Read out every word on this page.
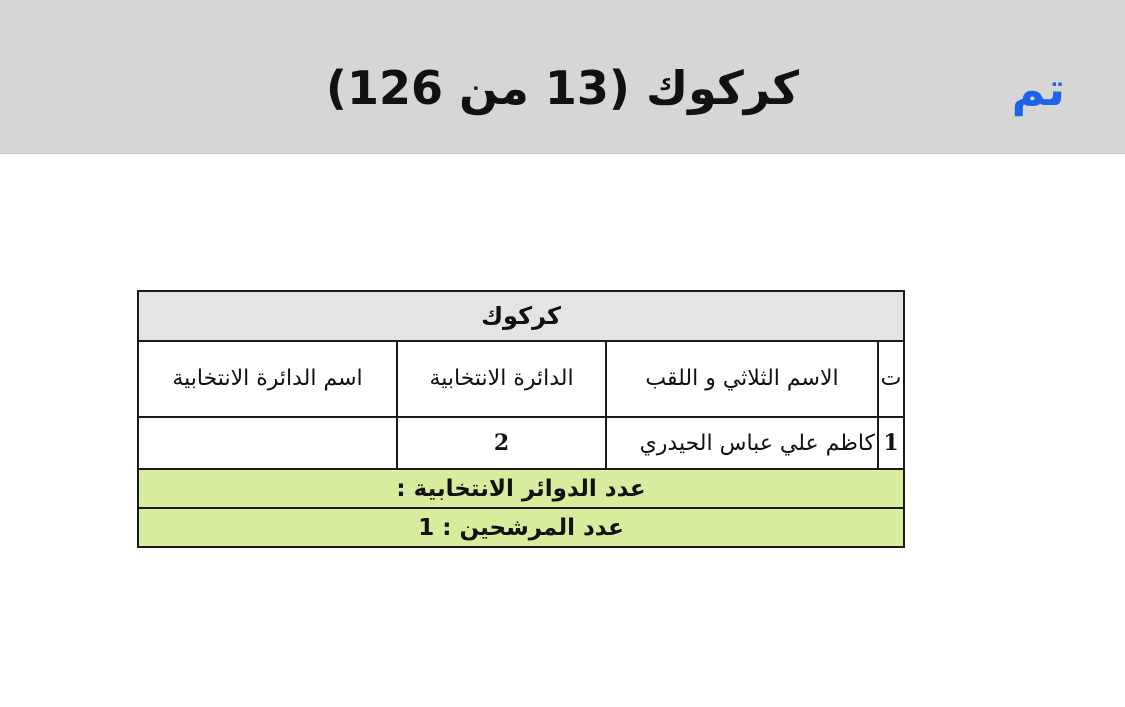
كركوك (13 من 126)	تم
كركوك			
ت	الاسم الثلاثي و اللقب	الدائرة الانتخابية	اسم الدائرة الانتخابية
1	كاظم علي عباس الحيدري	2	
عدد الدوائر الانتخابية :			
عدد المرشحين : 1			
